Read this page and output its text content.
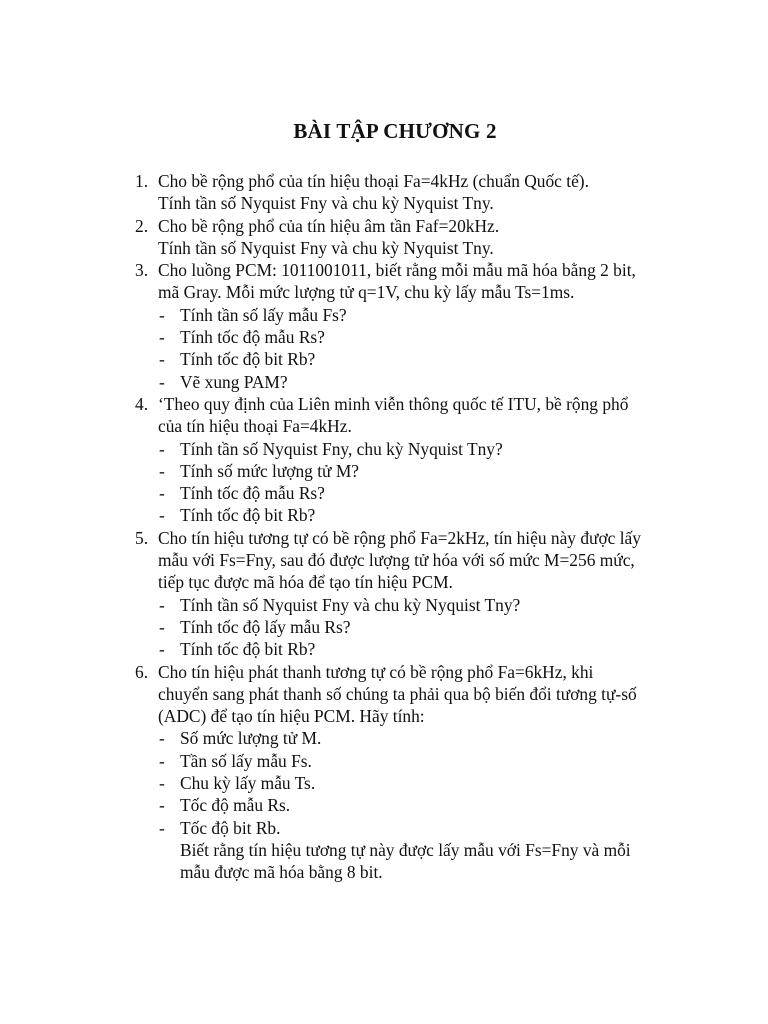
BÀI TẬP CHƯƠNG 2
1. Cho bề rộng phổ của tín hiệu thoại Fa=4kHz (chuẩn Quốc tế).
Tính tần số Nyquist Fny và chu kỳ Nyquist Tny.
2. Cho bề rộng phổ của tín hiệu âm tần Faf=20kHz.
Tính tần số Nyquist Fny và chu kỳ Nyquist Tny.
3. Cho luồng PCM: 1011001011, biết rằng mỗi mẫu mã hóa bằng 2 bit,
mã Gray. Mỗi mức lượng tử q=1V, chu kỳ lấy mẫu Ts=1ms.
- Tính tần số lấy mẫu Fs?
- Tính tốc độ mẫu Rs?
- Tính tốc độ bit Rb?
- Vẽ xung PAM?
4. ‘Theo quy định của Liên minh viễn thông quốc tế ITU, bề rộng phổ
của tín hiệu thoại Fa=4kHz.
- Tính tần số Nyquist Fny, chu kỳ Nyquist Tny?
- Tính số mức lượng tử M?
- Tính tốc độ mẫu Rs?
- Tính tốc độ bit Rb?
5. Cho tín hiệu tương tự có bề rộng phổ Fa=2kHz, tín hiệu này được lấy
mẫu với Fs=Fny, sau đó được lượng tử hóa với số mức M=256 mức,
tiếp tục được mã hóa để tạo tín hiệu PCM.
- Tính tần số Nyquist Fny và chu kỳ Nyquist Tny?
- Tính tốc độ lấy mẫu Rs?
- Tính tốc độ bit Rb?
6. Cho tín hiệu phát thanh tương tự có bề rộng phổ Fa=6kHz, khi
chuyển sang phát thanh số chúng ta phải qua bộ biến đổi tương tự-số
(ADC) để tạo tín hiệu PCM. Hãy tính:
- Số mức lượng tử M.
- Tần số lấy mẫu Fs.
- Chu kỳ lấy mẫu Ts.
- Tốc độ mẫu Rs.
- Tốc độ bit Rb.
Biết rằng tín hiệu tương tự này được lấy mẫu với Fs=Fny và mỗi
mẫu được mã hóa bằng 8 bit.
